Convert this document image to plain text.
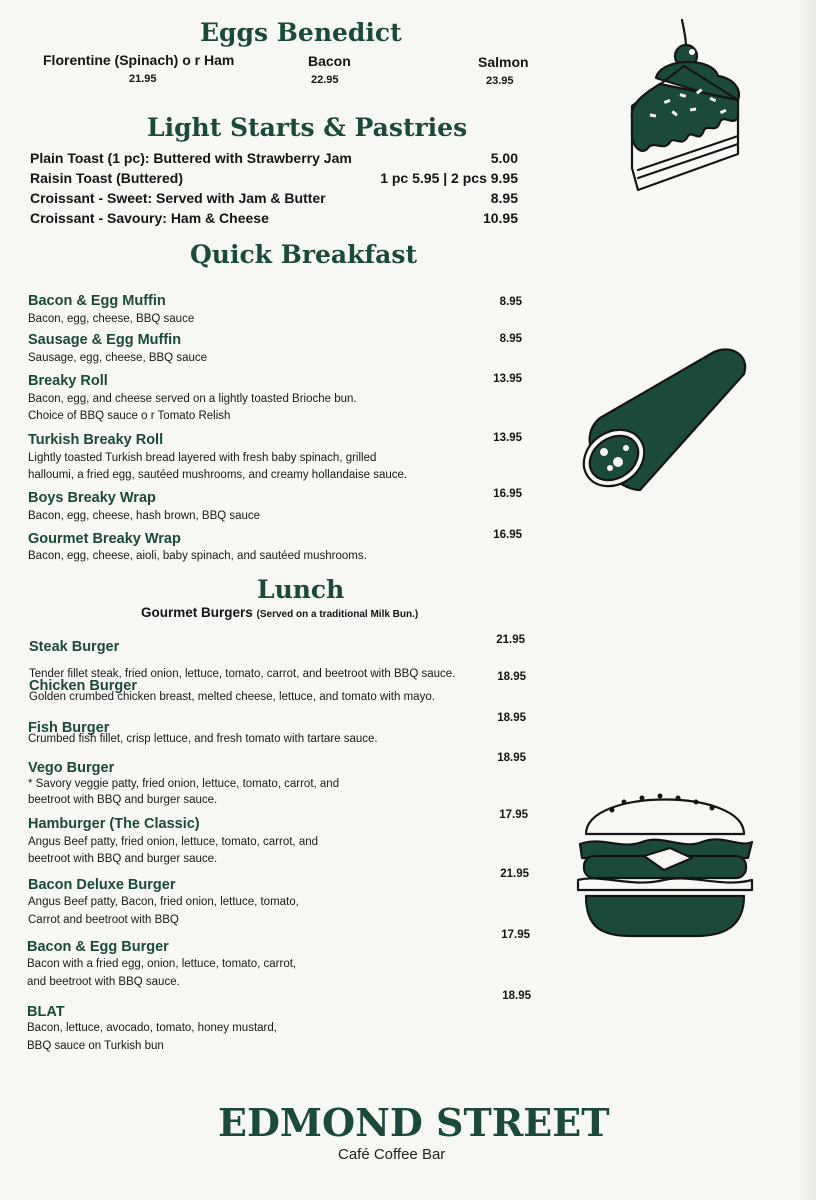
Eggs Benedict
Florentine (Spinach) o r Ham
21.95
Bacon
22.95
Salmon
23.95
Light Starts & Pastries
Plain Toast (1 pc): Buttered with Strawberry Jam	5.00
Raisin Toast (Buttered)	1 pc 5.95 | 2 pcs 9.95
Croissant - Sweet: Served with Jam & Butter	8.95
Croissant - Savoury: Ham & Cheese	10.95
Quick Breakfast
Bacon & Egg Muffin
Bacon, egg, cheese, BBQ sauce
8.95
Sausage & Egg Muffin
Sausage, egg, cheese, BBQ sauce
8.95
Breaky Roll
Bacon, egg, and cheese served on a lightly toasted Brioche bun.
Choice of BBQ sauce o r Tomato Relish
13.95
Turkish Breaky Roll
Lightly toasted Turkish bread layered with fresh baby spinach, grilled
halloumi, a fried egg, sautéed mushrooms, and creamy hollandaise sauce.
13.95
Boys Breaky Wrap
Bacon, egg, cheese, hash brown, BBQ sauce
16.95
Gourmet Breaky Wrap
Bacon, egg, cheese, aioli, baby spinach, and sautéed mushrooms.
16.95
Lunch
Gourmet Burgers (Served on a traditional Milk Bun.)
Steak Burger

Tender fillet steak, fried onion, lettuce, tomato, carrot, and beetroot with BBQ sauce.
21.95
Chicken Burger
Golden crumbed chicken breast, melted cheese, lettuce, and tomato with mayo.
18.95
Fish Burger
Crumbed fish fillet, crisp lettuce, and fresh tomato with tartare sauce.
18.95
Vego Burger
* Savory veggie patty, fried onion, lettuce, tomato, carrot, and
beetroot with BBQ and burger sauce.
18.95
Hamburger (The Classic)
Angus Beef patty, fried onion, lettuce, tomato, carrot, and
beetroot with BBQ and burger sauce.
17.95
Bacon Deluxe Burger
Angus Beef patty, Bacon, fried onion, lettuce, tomato,
Carrot and beetroot with BBQ
21.95
Bacon & Egg Burger
Bacon with a fried egg, onion, lettuce, tomato, carrot,
and beetroot with BBQ sauce.
17.95
BLAT
Bacon, lettuce, avocado, tomato, honey mustard,
BBQ sauce on Turkish bun
18.95
EDMOND STREET
Café Coffee Bar
